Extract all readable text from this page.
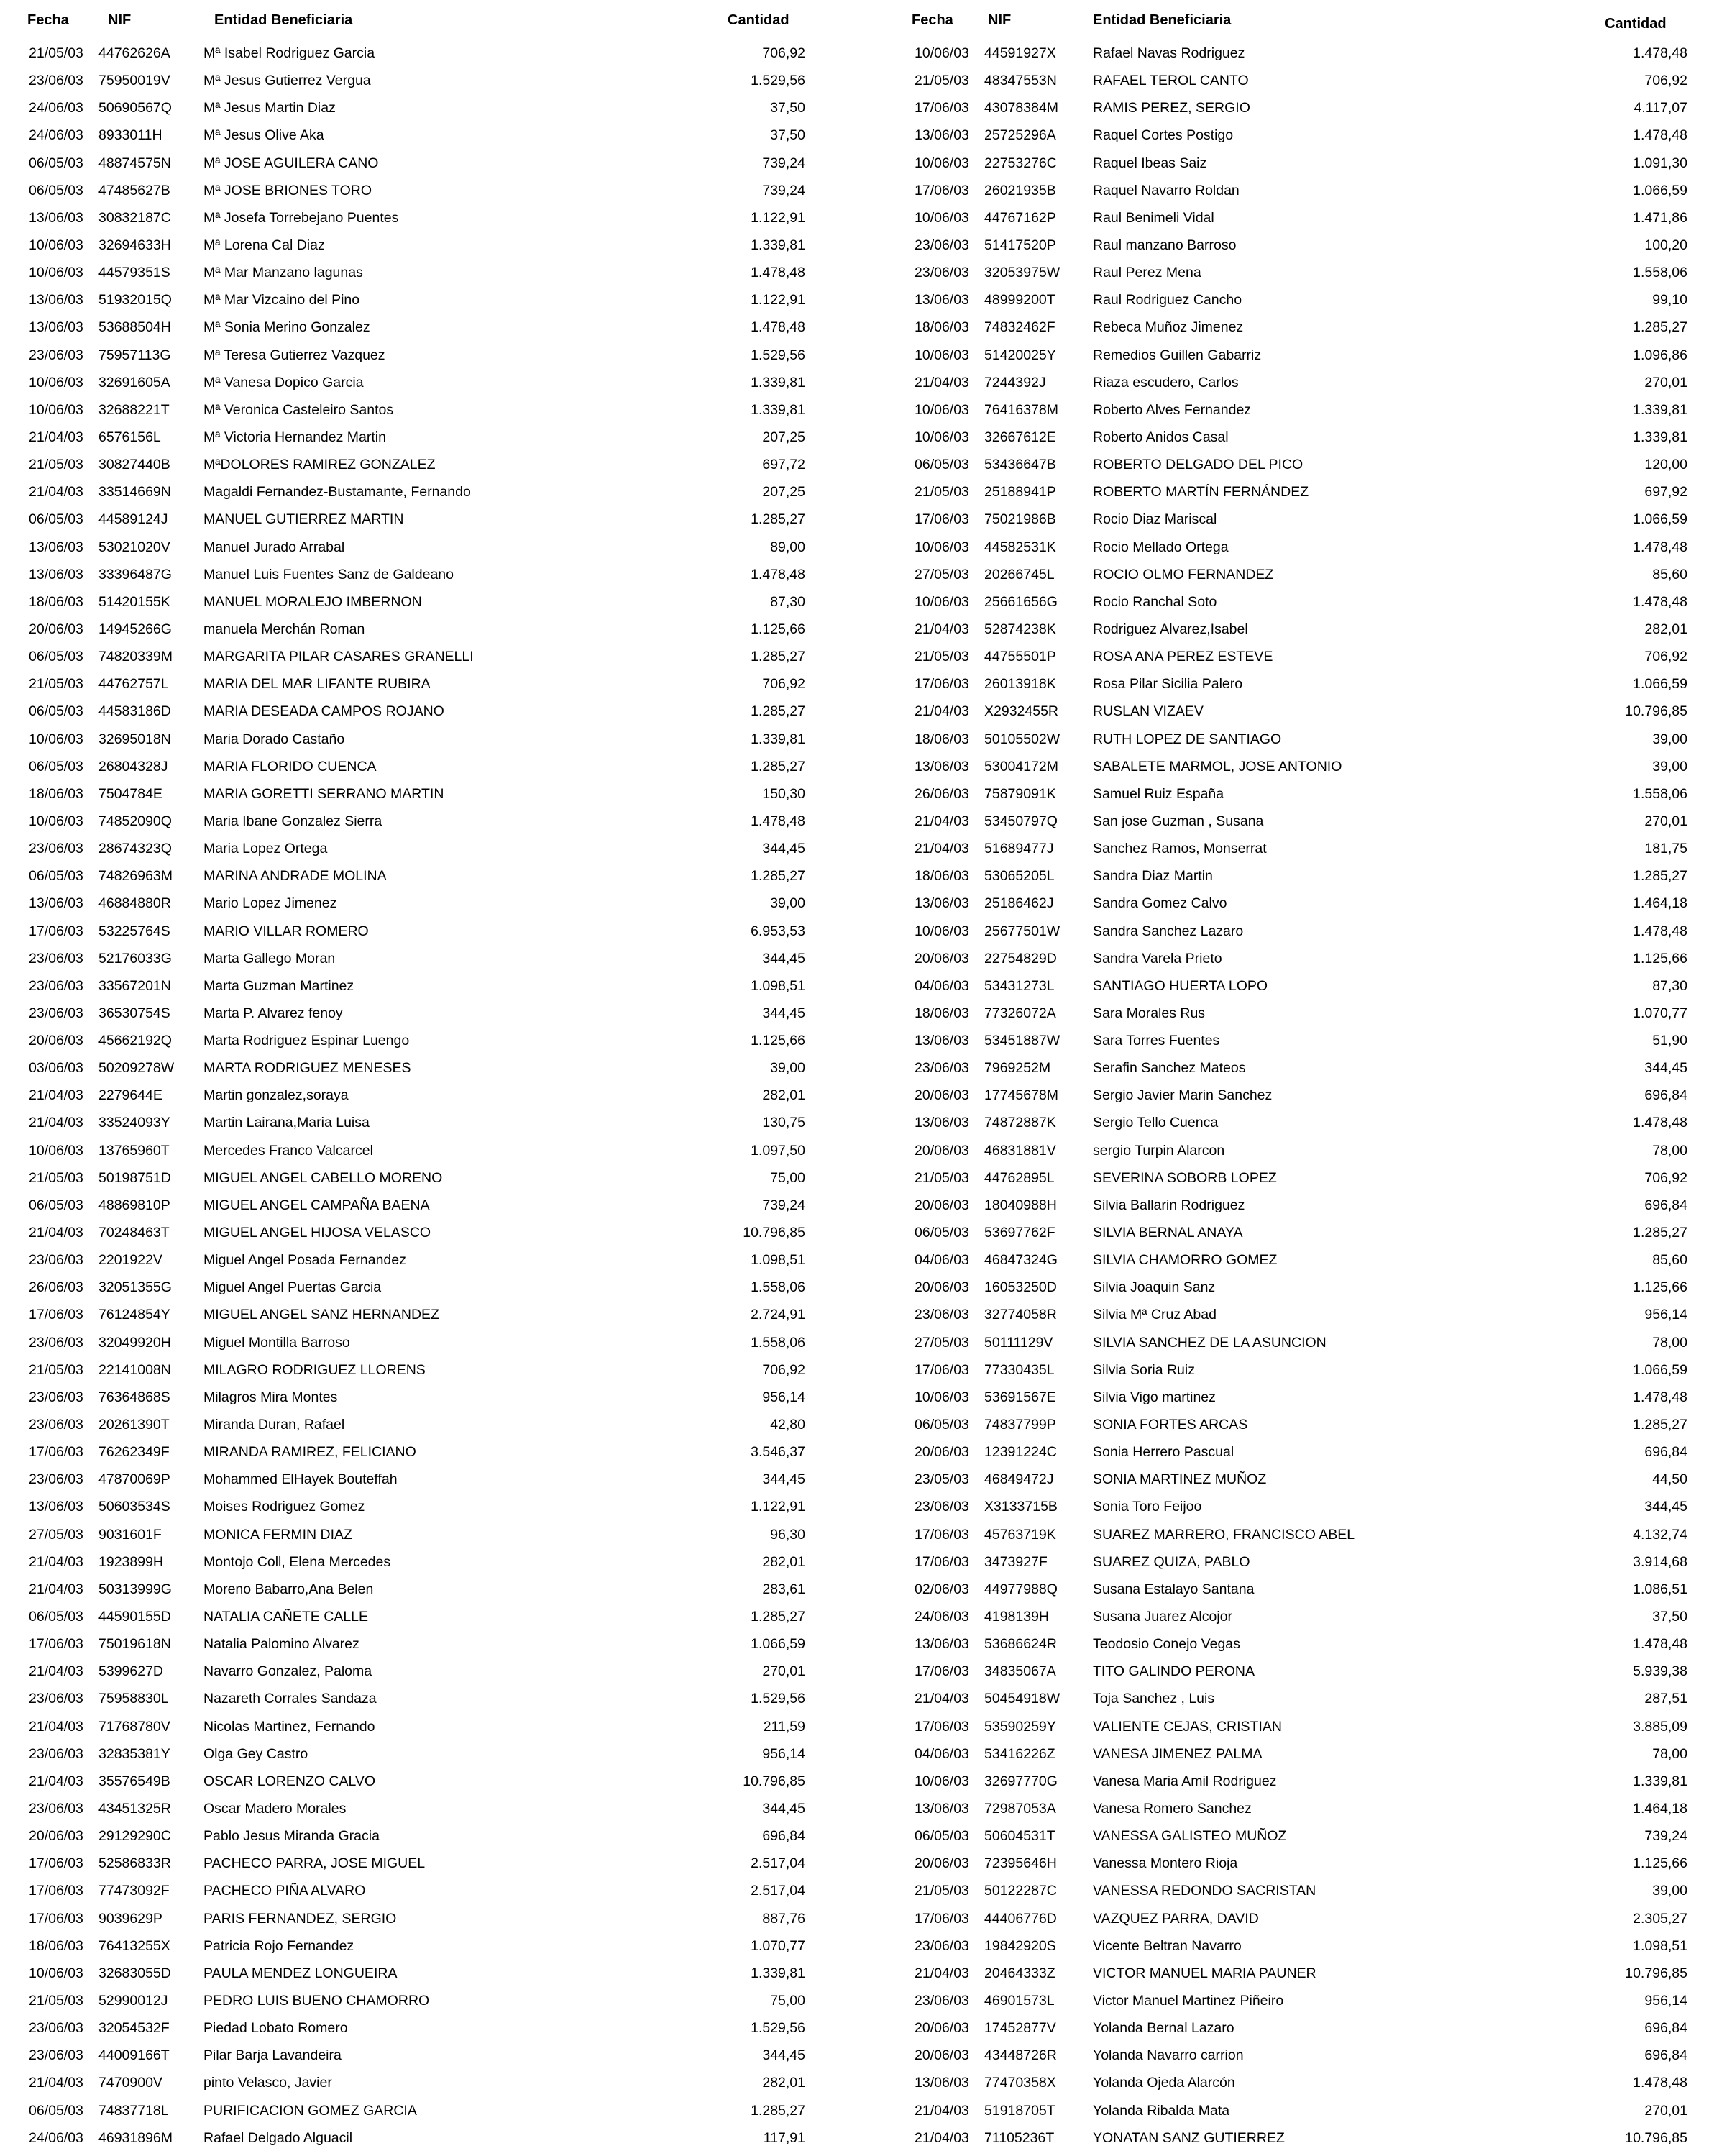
Fecha	NIF	Entidad Beneficiaria	Cantidad
21/05/03	44762626A	Mª Isabel Rodriguez Garcia	706,92
23/06/03	75950019V	Mª Jesus Gutierrez Vergua	1.529,56
24/06/03	50690567Q	Mª Jesus Martin Diaz	37,50
24/06/03	8933011H	Mª Jesus Olive Aka	37,50
06/05/03	48874575N	Mª JOSE AGUILERA CANO	739,24
06/05/03	47485627B	Mª JOSE BRIONES TORO	739,24
13/06/03	30832187C	Mª Josefa Torrebejano Puentes	1.122,91
10/06/03	32694633H	Mª Lorena Cal Diaz	1.339,81
10/06/03	44579351S	Mª Mar Manzano lagunas	1.478,48
13/06/03	51932015Q	Mª Mar Vizcaino del Pino	1.122,91
13/06/03	53688504H	Mª Sonia Merino Gonzalez	1.478,48
23/06/03	75957113G	Mª Teresa Gutierrez Vazquez	1.529,56
10/06/03	32691605A	Mª Vanesa Dopico Garcia	1.339,81
10/06/03	32688221T	Mª Veronica Casteleiro Santos	1.339,81
21/04/03	6576156L	Mª Victoria Hernandez Martin	207,25
21/05/03	30827440B	MªDOLORES RAMIREZ GONZALEZ	697,72
21/04/03	33514669N	Magaldi Fernandez-Bustamante, Fernando	207,25
06/05/03	44589124J	MANUEL GUTIERREZ MARTIN	1.285,27
13/06/03	53021020V	Manuel Jurado Arrabal	89,00
13/06/03	33396487G	Manuel Luis Fuentes Sanz de Galdeano	1.478,48
18/06/03	51420155K	MANUEL MORALEJO IMBERNON	87,30
20/06/03	14945266G	manuela Merchán Roman	1.125,66
06/05/03	74820339M	MARGARITA PILAR CASARES GRANELLI	1.285,27
21/05/03	44762757L	MARIA DEL MAR LIFANTE RUBIRA	706,92
06/05/03	44583186D	MARIA DESEADA CAMPOS ROJANO	1.285,27
10/06/03	32695018N	Maria Dorado Castaño	1.339,81
06/05/03	26804328J	MARIA FLORIDO CUENCA	1.285,27
18/06/03	7504784E	MARIA GORETTI SERRANO MARTIN	150,30
10/06/03	74852090Q	Maria Ibane Gonzalez Sierra	1.478,48
23/06/03	28674323Q	Maria Lopez Ortega	344,45
06/05/03	74826963M	MARINA ANDRADE MOLINA	1.285,27
13/06/03	46884880R	Mario Lopez Jimenez	39,00
17/06/03	53225764S	MARIO VILLAR ROMERO	6.953,53
23/06/03	52176033G	Marta Gallego Moran	344,45
23/06/03	33567201N	Marta Guzman Martinez	1.098,51
23/06/03	36530754S	Marta P. Alvarez fenoy	344,45
20/06/03	45662192Q	Marta Rodriguez Espinar Luengo	1.125,66
03/06/03	50209278W	MARTA RODRIGUEZ MENESES	39,00
21/04/03	2279644E	Martin gonzalez,soraya	282,01
21/04/03	33524093Y	Martin Lairana,Maria Luisa	130,75
10/06/03	13765960T	Mercedes Franco Valcarcel	1.097,50
21/05/03	50198751D	MIGUEL ANGEL CABELLO MORENO	75,00
06/05/03	48869810P	MIGUEL ANGEL CAMPAÑA BAENA	739,24
21/04/03	70248463T	MIGUEL ANGEL HIJOSA VELASCO	10.796,85
23/06/03	2201922V	Miguel Angel Posada Fernandez	1.098,51
26/06/03	32051355G	Miguel Angel Puertas Garcia	1.558,06
17/06/03	76124854Y	MIGUEL ANGEL SANZ HERNANDEZ	2.724,91
23/06/03	32049920H	Miguel Montilla Barroso	1.558,06
21/05/03	22141008N	MILAGRO RODRIGUEZ LLORENS	706,92
23/06/03	76364868S	Milagros Mira Montes	956,14
23/06/03	20261390T	Miranda Duran, Rafael	42,80
17/06/03	76262349F	MIRANDA RAMIREZ, FELICIANO	3.546,37
23/06/03	47870069P	Mohammed ElHayek Bouteffah	344,45
13/06/03	50603534S	Moises Rodriguez Gomez	1.122,91
27/05/03	9031601F	MONICA FERMIN DIAZ	96,30
21/04/03	1923899H	Montojo Coll, Elena Mercedes	282,01
21/04/03	50313999G	Moreno Babarro,Ana Belen	283,61
06/05/03	44590155D	NATALIA CAÑETE CALLE	1.285,27
17/06/03	75019618N	Natalia Palomino Alvarez	1.066,59
21/04/03	5399627D	Navarro Gonzalez, Paloma	270,01
23/06/03	75958830L	Nazareth Corrales Sandaza	1.529,56
21/04/03	71768780V	Nicolas Martinez, Fernando	211,59
23/06/03	32835381Y	Olga Gey Castro	956,14
21/04/03	35576549B	OSCAR LORENZO CALVO	10.796,85
23/06/03	43451325R	Oscar Madero Morales	344,45
20/06/03	29129290C	Pablo Jesus Miranda Gracia	696,84
17/06/03	52586833R	PACHECO PARRA, JOSE MIGUEL	2.517,04
17/06/03	77473092F	PACHECO PIÑA ALVARO	2.517,04
17/06/03	9039629P	PARIS FERNANDEZ, SERGIO	887,76
18/06/03	76413255X	Patricia Rojo Fernandez	1.070,77
10/06/03	32683055D	PAULA MENDEZ LONGUEIRA	1.339,81
21/05/03	52990012J	PEDRO LUIS BUENO CHAMORRO	75,00
23/06/03	32054532F	Piedad Lobato Romero	1.529,56
23/06/03	44009166T	Pilar Barja Lavandeira	344,45
21/04/03	7470900V	pinto Velasco, Javier	282,01
06/05/03	74837718L	PURIFICACION GOMEZ GARCIA	1.285,27
24/06/03	46931896M	Rafael Delgado Alguacil	117,91
Fecha NIF	Entidad Beneficiaria	Cantidad
10/06/03	44591927X	Rafael Navas Rodriguez	1.478,48
21/05/03	48347553N	RAFAEL TEROL CANTO	706,92
17/06/03	43078384M	RAMIS PEREZ, SERGIO	4.117,07
13/06/03	25725296A	Raquel Cortes Postigo	1.478,48
10/06/03	22753276C	Raquel Ibeas Saiz	1.091,30
17/06/03	26021935B	Raquel Navarro Roldan	1.066,59
10/06/03	44767162P	Raul Benimeli Vidal	1.471,86
23/06/03	51417520P	Raul manzano Barroso	100,20
23/06/03	32053975W	Raul Perez Mena	1.558,06
13/06/03	48999200T	Raul Rodriguez Cancho	99,10
18/06/03	74832462F	Rebeca Muñoz Jimenez	1.285,27
10/06/03	51420025Y	Remedios Guillen Gabarriz	1.096,86
21/04/03	7244392J	Riaza escudero, Carlos	270,01
10/06/03	76416378M	Roberto Alves Fernandez	1.339,81
10/06/03	32667612E	Roberto Anidos Casal	1.339,81
06/05/03	53436647B	ROBERTO DELGADO DEL PICO	120,00
21/05/03	25188941P	ROBERTO MARTÍN FERNÁNDEZ	697,92
17/06/03	75021986B	Rocio Diaz Mariscal	1.066,59
10/06/03	44582531K	Rocio Mellado Ortega	1.478,48
27/05/03	20266745L	ROCIO OLMO FERNANDEZ	85,60
10/06/03	25661656G	Rocio Ranchal Soto	1.478,48
21/04/03	52874238K	Rodriguez Alvarez,Isabel	282,01
21/05/03	44755501P	ROSA ANA PEREZ ESTEVE	706,92
17/06/03	26013918K	Rosa Pilar Sicilia Palero	1.066,59
21/04/03	X2932455R	RUSLAN VIZAEV	10.796,85
18/06/03	50105502W	RUTH LOPEZ DE SANTIAGO	39,00
13/06/03	53004172M	SABALETE MARMOL, JOSE ANTONIO	39,00
26/06/03	75879091K	Samuel Ruiz España	1.558,06
21/04/03	53450797Q	San jose Guzman , Susana	270,01
21/04/03	51689477J	Sanchez Ramos, Monserrat	181,75
18/06/03	53065205L	Sandra Diaz Martin	1.285,27
13/06/03	25186462J	Sandra Gomez Calvo	1.464,18
10/06/03	25677501W	Sandra Sanchez Lazaro	1.478,48
20/06/03	22754829D	Sandra Varela Prieto	1.125,66
04/06/03	53431273L	SANTIAGO HUERTA LOPO	87,30
18/06/03	77326072A	Sara Morales Rus	1.070,77
13/06/03	53451887W	Sara Torres Fuentes	51,90
23/06/03	7969252M	Serafin Sanchez Mateos	344,45
20/06/03	17745678M	Sergio Javier Marin Sanchez	696,84
13/06/03	74872887K	Sergio Tello Cuenca	1.478,48
20/06/03	46831881V	sergio Turpin Alarcon	78,00
21/05/03	44762895L	SEVERINA SOBORB LOPEZ	706,92
20/06/03	18040988H	Silvia Ballarin Rodriguez	696,84
06/05/03	53697762F	SILVIA BERNAL ANAYA	1.285,27
04/06/03	46847324G	SILVIA CHAMORRO GOMEZ	85,60
20/06/03	16053250D	Silvia Joaquin Sanz	1.125,66
23/06/03	32774058R	Silvia Mª Cruz Abad	956,14
27/05/03	50111129V	SILVIA SANCHEZ DE LA ASUNCION	78,00
17/06/03	77330435L	Silvia Soria Ruiz	1.066,59
10/06/03	53691567E	Silvia Vigo martinez	1.478,48
06/05/03	74837799P	SONIA FORTES ARCAS	1.285,27
20/06/03	12391224C	Sonia Herrero Pascual	696,84
23/05/03	46849472J	SONIA MARTINEZ MUÑOZ	44,50
23/06/03	X3133715B	Sonia Toro Feijoo	344,45
17/06/03	45763719K	SUAREZ MARRERO, FRANCISCO ABEL	4.132,74
17/06/03	3473927F	SUAREZ QUIZA, PABLO	3.914,68
02/06/03	44977988Q	Susana Estalayo Santana	1.086,51
24/06/03	4198139H	Susana Juarez Alcojor	37,50
13/06/03	53686624R	Teodosio Conejo Vegas	1.478,48
17/06/03	34835067A	TITO GALINDO PERONA	5.939,38
21/04/03	50454918W	Toja Sanchez , Luis	287,51
17/06/03	53590259Y	VALIENTE CEJAS, CRISTIAN	3.885,09
04/06/03	53416226Z	VANESA JIMENEZ PALMA	78,00
10/06/03	32697770G	Vanesa Maria Amil Rodriguez	1.339,81
13/06/03	72987053A	Vanesa Romero Sanchez	1.464,18
06/05/03	50604531T	VANESSA GALISTEO MUÑOZ	739,24
20/06/03	72395646H	Vanessa Montero Rioja	1.125,66
21/05/03	50122287C	VANESSA REDONDO SACRISTAN	39,00
17/06/03	44406776D	VAZQUEZ PARRA, DAVID	2.305,27
23/06/03	19842920S	Vicente Beltran Navarro	1.098,51
21/04/03	20464333Z	VICTOR MANUEL MARIA PAUNER	10.796,85
23/06/03	46901573L	Victor Manuel Martinez Piñeiro	956,14
20/06/03	17452877V	Yolanda Bernal Lazaro	696,84
20/06/03	43448726R	Yolanda Navarro carrion	696,84
13/06/03	77470358X	Yolanda Ojeda Alarcón	1.478,48
21/04/03	51918705T	Yolanda Ribalda Mata	270,01
21/04/03	71105236T	YONATAN SANZ GUTIERREZ	10.796,85
